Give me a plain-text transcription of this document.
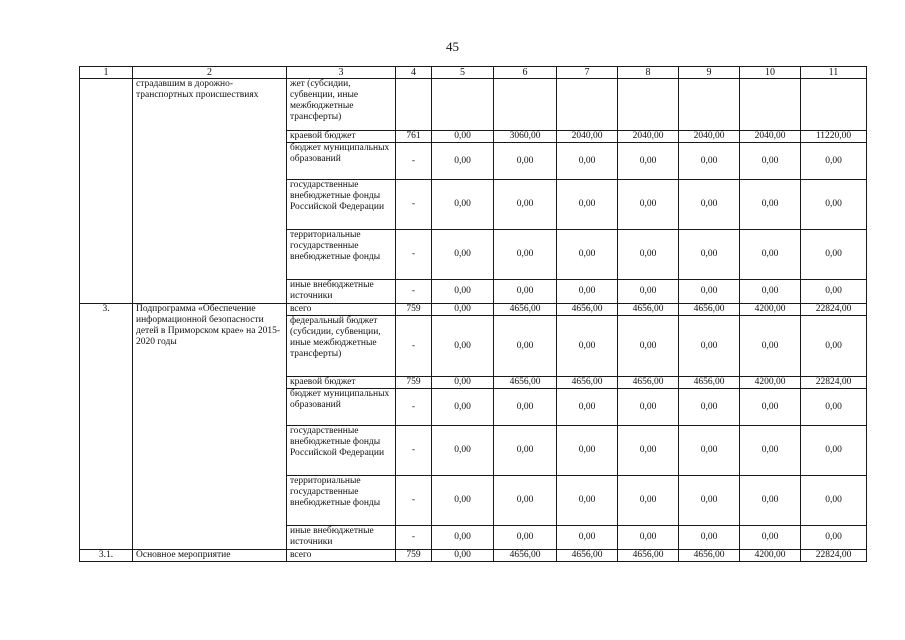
45
1	2	3	4	5	6	7	8	9	10	11
	страдавшим в дорожно-транспортных происшествиях	жет (субсидии, субвенции, иные межбюджетные трансферты)								
		краевой бюджет	761	0,00	3060,00	2040,00	2040,00	2040,00	2040,00	11220,00
		бюджет муниципальных образований	-	0,00	0,00	0,00	0,00	0,00	0,00	0,00
		государственные внебюджетные фонды Российской Федерации	-	0,00	0,00	0,00	0,00	0,00	0,00	0,00
		территориальные государственные внебюджетные фонды	-	0,00	0,00	0,00	0,00	0,00	0,00	0,00
		иные внебюджетные источники	-	0,00	0,00	0,00	0,00	0,00	0,00	0,00
3.	Подпрограмма «Обеспечение информационной безопасности детей в Приморском крае» на 2015-2020 годы	всего	759	0,00	4656,00	4656,00	4656,00	4656,00	4200,00	22824,00
		федеральный бюджет (субсидии, субвенции, иные межбюджетные трансферты)	-	0,00	0,00	0,00	0,00	0,00	0,00	0,00
		краевой бюджет	759	0,00	4656,00	4656,00	4656,00	4656,00	4200,00	22824,00
		бюджет муниципальных образований	-	0,00	0,00	0,00	0,00	0,00	0,00	0,00
		государственные внебюджетные фонды Российской Федерации	-	0,00	0,00	0,00	0,00	0,00	0,00	0,00
		территориальные государственные внебюджетные фонды	-	0,00	0,00	0,00	0,00	0,00	0,00	0,00
		иные внебюджетные источники	-	0,00	0,00	0,00	0,00	0,00	0,00	0,00
3.1.	Основное мероприятие	всего	759	0,00	4656,00	4656,00	4656,00	4656,00	4200,00	22824,00
